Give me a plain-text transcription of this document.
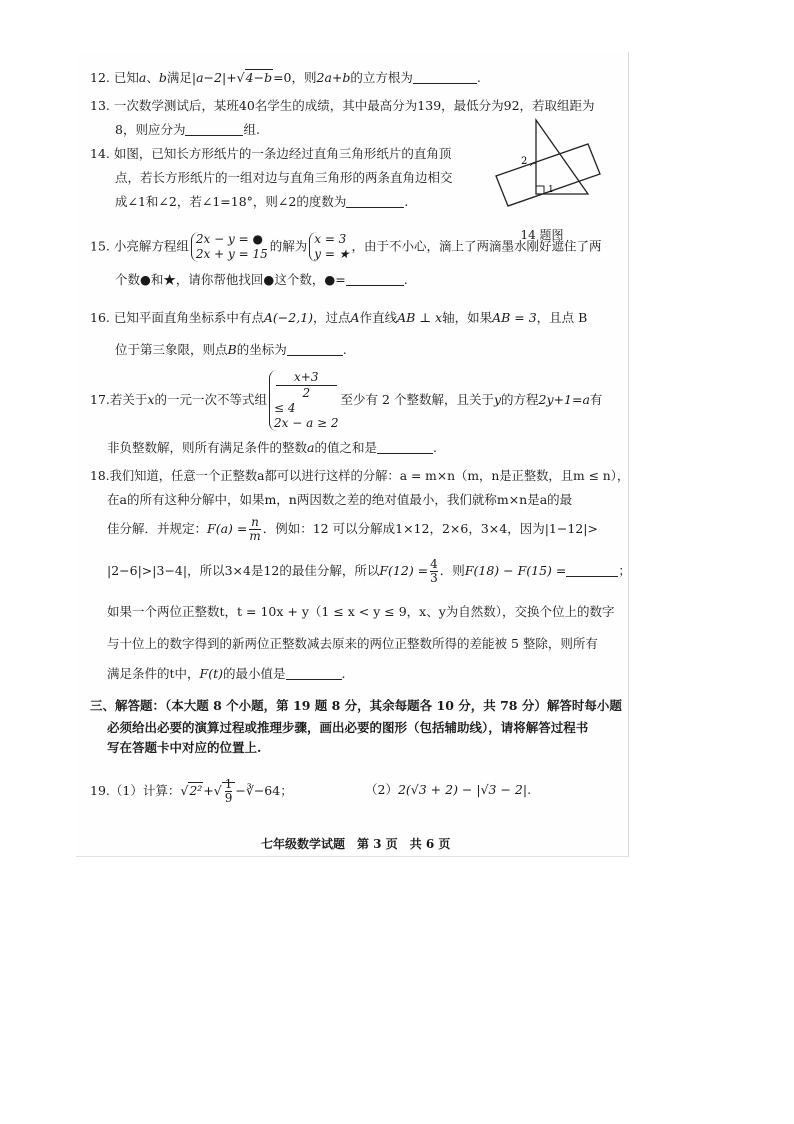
12. 已知a、b满足|a−2|+√4−b=0，则2a+b的立方根为	.
13. 一次数学测试后，某班40名学生的成绩，其中最高分为139，最低分为92，若取组距为
8，则应分为	组.
14. 如图，已知长方形纸片的一条边经过直角三角形纸片的直角顶
点，若长方形纸片的一组对边与直角三角形的两条直角边相交
成∠1和∠2，若∠1=18°，则∠2的度数为	.
2
1
14 题图
15. 小亮解方程组 2x − y = ●
2x + y = 15
的解为 x = 3
y = ★
，由于不小心，滴上了两滴墨水刚好遮住了两
个数●和★，请你帮他找回●这个数，●=	.
16. 已知平面直角坐标系中有点A(−2,1)，过点A作直线AB ⊥ x轴，如果AB = 3，且点 B
位于第三象限，则点B的坐标为	.
17.若关于x的一元一次不等式组
x+3
2
≤ 4
2x − a ≥ 2
至少有 2 个整数解，且关于y的方程2y+1=a有
非负整数解，则所有满足条件的整数a的值之和是	.
18.我们知道，任意一个正整数a都可以进行这样的分解：a = m×n（m，n是正整数，且m ≤ n），
在a的所有这种分解中，如果m，n两因数之差的绝对值最小，我们就称m×n是a的最
佳分解．并规定：$F(a) = \frac{n}{m}$ ．例如：12 可以分解成1×12，2×6，3×4，因为|1−12|>
|2−6|>|3−4|，所以3×4是12的最佳分解，所以$F(12) = \frac{4}{3}$ ．则F(18) − F(15) =	；
如果一个两位正整数t，t = 10x + y（1 ≤ x < y ≤ 9，x、y为自然数），交换个位上的数字
与十位上的数字得到的新两位正整数减去原来的两位正整数所得的差能被 5 整除，则所有
满足条件的t中，F(t)的最小值是	.
三、解答题：（本大题 8 个小题，第 19 题 8 分，其余每题各 10 分，共 78 分）解答时每小题
必须给出必要的演算过程或推理步骤，画出必要的图形（包括辅助线），请将解答过程书
写在答题卡中对应的位置上.
19.（1）计算：$√2^2+√ \frac{1}{9}$ −∛−64；	（2）2(√3 + 2) − |√3 − 2|.
七年级数学试题　第 3 页　共 6 页
